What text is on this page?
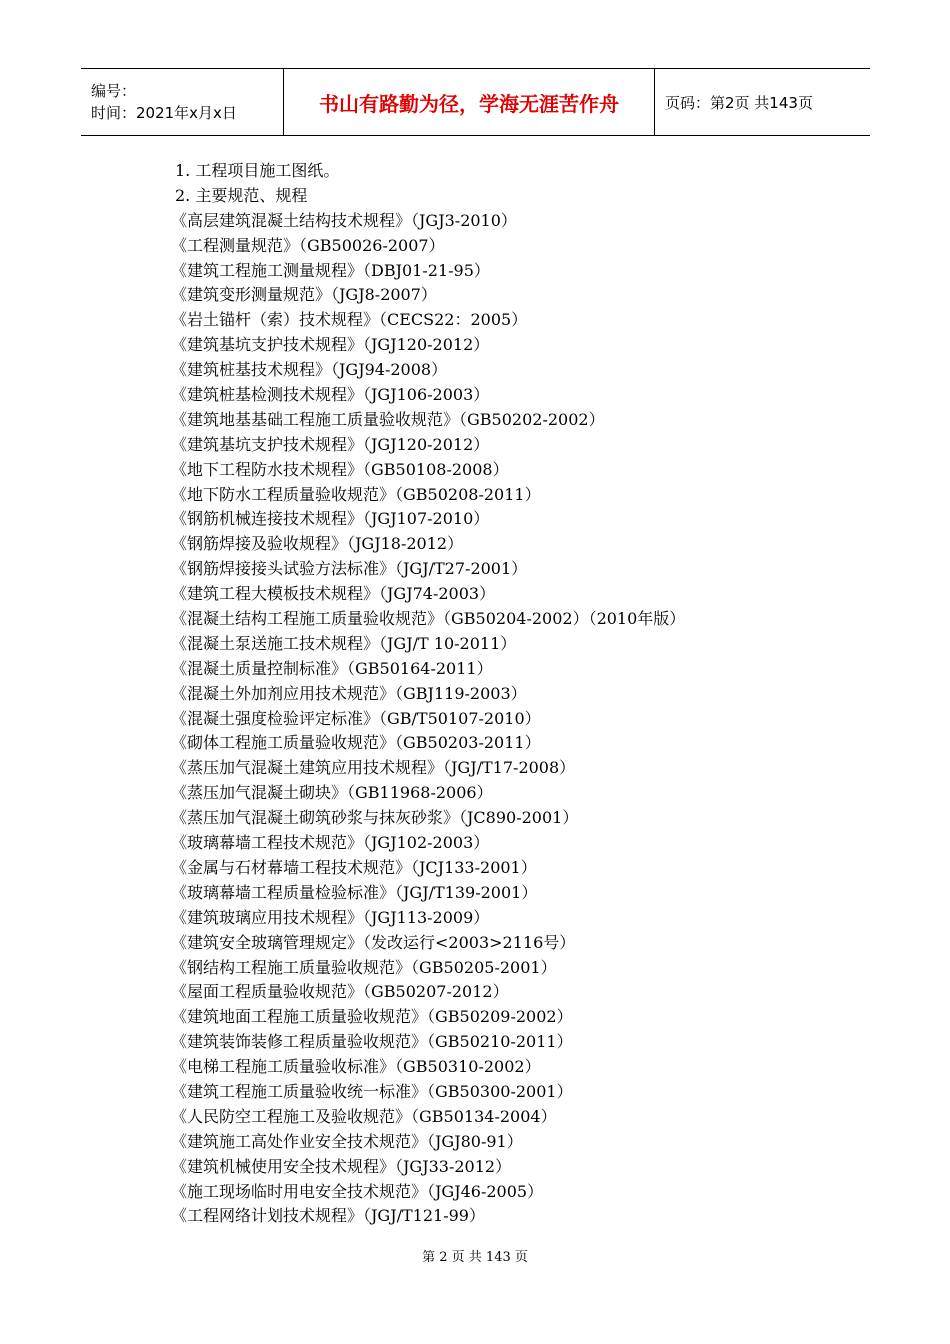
编号：
时间：2021年x月x日	书山有路勤为径，学海无涯苦作舟	页码：第2页 共143页
1. 工程项目施工图纸。
2. 主要规范、规程
《高层建筑混凝土结构技术规程》（JGJ3-2010）
《工程测量规范》（GB50026-2007）
《建筑工程施工测量规程》（DBJ01-21-95）
《建筑变形测量规范》（JGJ8-2007）
《岩土锚杆（索）技术规程》（CECS22：2005）
《建筑基坑支护技术规程》（JGJ120-2012）
《建筑桩基技术规程》（JGJ94-2008）
《建筑桩基检测技术规程》（JGJ106-2003）
《建筑地基基础工程施工质量验收规范》（GB50202-2002）
《建筑基坑支护技术规程》（JGJ120-2012）
《地下工程防水技术规程》（GB50108-2008）
《地下防水工程质量验收规范》（GB50208-2011）
《钢筋机械连接技术规程》（JGJ107-2010）
《钢筋焊接及验收规程》（JGJ18-2012）
《钢筋焊接接头试验方法标准》（JGJ/T27-2001）
《建筑工程大模板技术规程》（JGJ74-2003）
《混凝土结构工程施工质量验收规范》（GB50204-2002）（2010年版）
《混凝土泵送施工技术规程》（JGJ/T 10-2011）
《混凝土质量控制标准》（GB50164-2011）
《混凝土外加剂应用技术规范》（GBJ119-2003）
《混凝土强度检验评定标准》（GB/T50107-2010）
《砌体工程施工质量验收规范》（GB50203-2011）
《蒸压加气混凝土建筑应用技术规程》（JGJ/T17-2008）
《蒸压加气混凝土砌块》（GB11968-2006）
《蒸压加气混凝土砌筑砂浆与抹灰砂浆》（JC890-2001）
《玻璃幕墙工程技术规范》（JGJ102-2003）
《金属与石材幕墙工程技术规范》（JCJ133-2001）
《玻璃幕墙工程质量检验标准》（JGJ/T139-2001）
《建筑玻璃应用技术规程》（JGJ113-2009）
《建筑安全玻璃管理规定》（发改运行<2003>2116号）
《钢结构工程施工质量验收规范》（GB50205-2001）
《屋面工程质量验收规范》（GB50207-2012）
《建筑地面工程施工质量验收规范》（GB50209-2002）
《建筑装饰装修工程质量验收规范》（GB50210-2011）
《电梯工程施工质量验收标准》（GB50310-2002）
《建筑工程施工质量验收统一标准》（GB50300-2001）
《人民防空工程施工及验收规范》（GB50134-2004）
《建筑施工高处作业安全技术规范》（JGJ80-91）
《建筑机械使用安全技术规程》（JGJ33-2012）
《施工现场临时用电安全技术规范》（JGJ46-2005）
《工程网络计划技术规程》（JGJ/T121-99）
第 2 页 共 143 页
